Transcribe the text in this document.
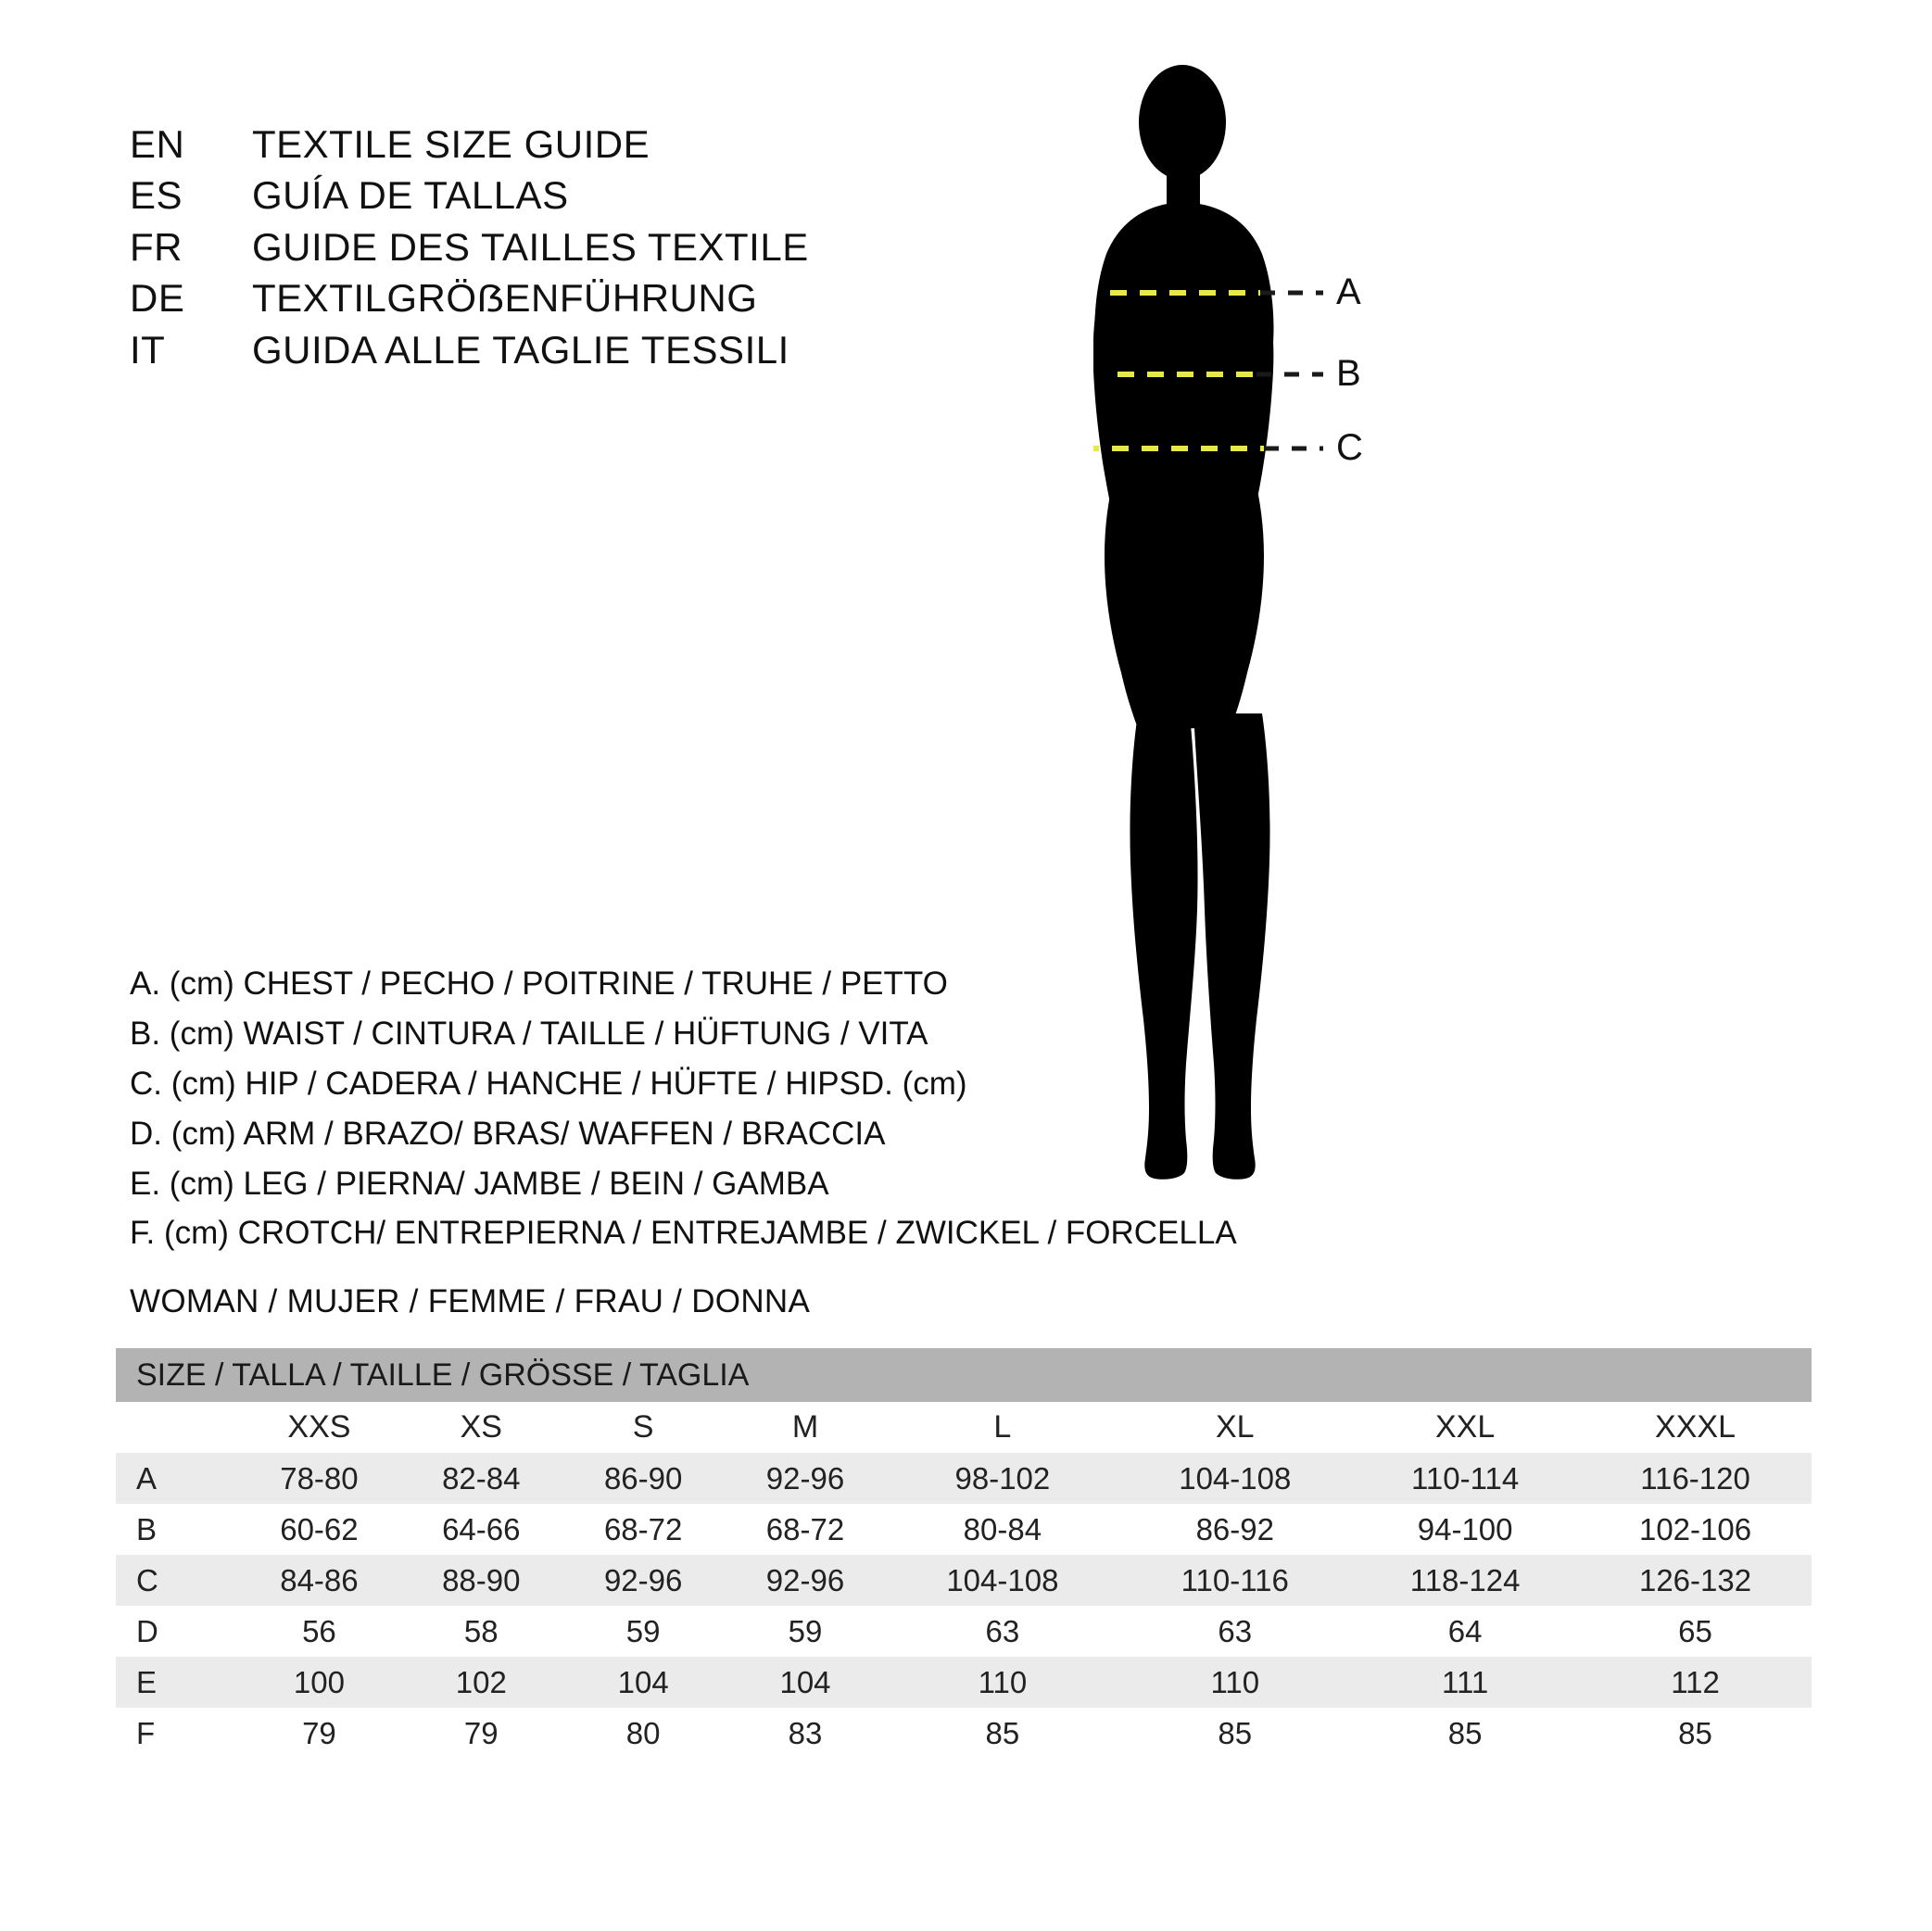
EN	TEXTILE SIZE GUIDE
ES	GUÍA DE TALLAS
FR	GUIDE DES TAILLES TEXTILE
DE	TEXTILGRÖẞENFÜHRUNG
IT	GUIDA ALLE TAGLIE TESSILI
A
B
C
A. (cm) CHEST / PECHO / POITRINE / TRUHE / PETTO
B. (cm) WAIST / CINTURA / TAILLE / HÜFTUNG / VITA
C. (cm) HIP / CADERA / HANCHE / HÜFTE / HIPSD. (cm)
D. (cm) ARM / BRAZO/ BRAS/ WAFFEN / BRACCIA
E. (cm) LEG / PIERNA/ JAMBE / BEIN / GAMBA
F. (cm) CROTCH/ ENTREPIERNA / ENTREJAMBE / ZWICKEL / FORCELLA
WOMAN / MUJER / FEMME / FRAU / DONNA
SIZE / TALLA / TAILLE / GRÖSSE / TAGLIA								
	XXS	XS	S	M	L	XL	XXL	XXXL
A	78-80	82-84	86-90	92-96	98-102	104-108	110-114	116-120
B	60-62	64-66	68-72	68-72	80-84	86-92	94-100	102-106
C	84-86	88-90	92-96	92-96	104-108	110-116	118-124	126-132
D	56	58	59	59	63	63	64	65
E	100	102	104	104	110	110	111	112
F	79	79	80	83	85	85	85	85
